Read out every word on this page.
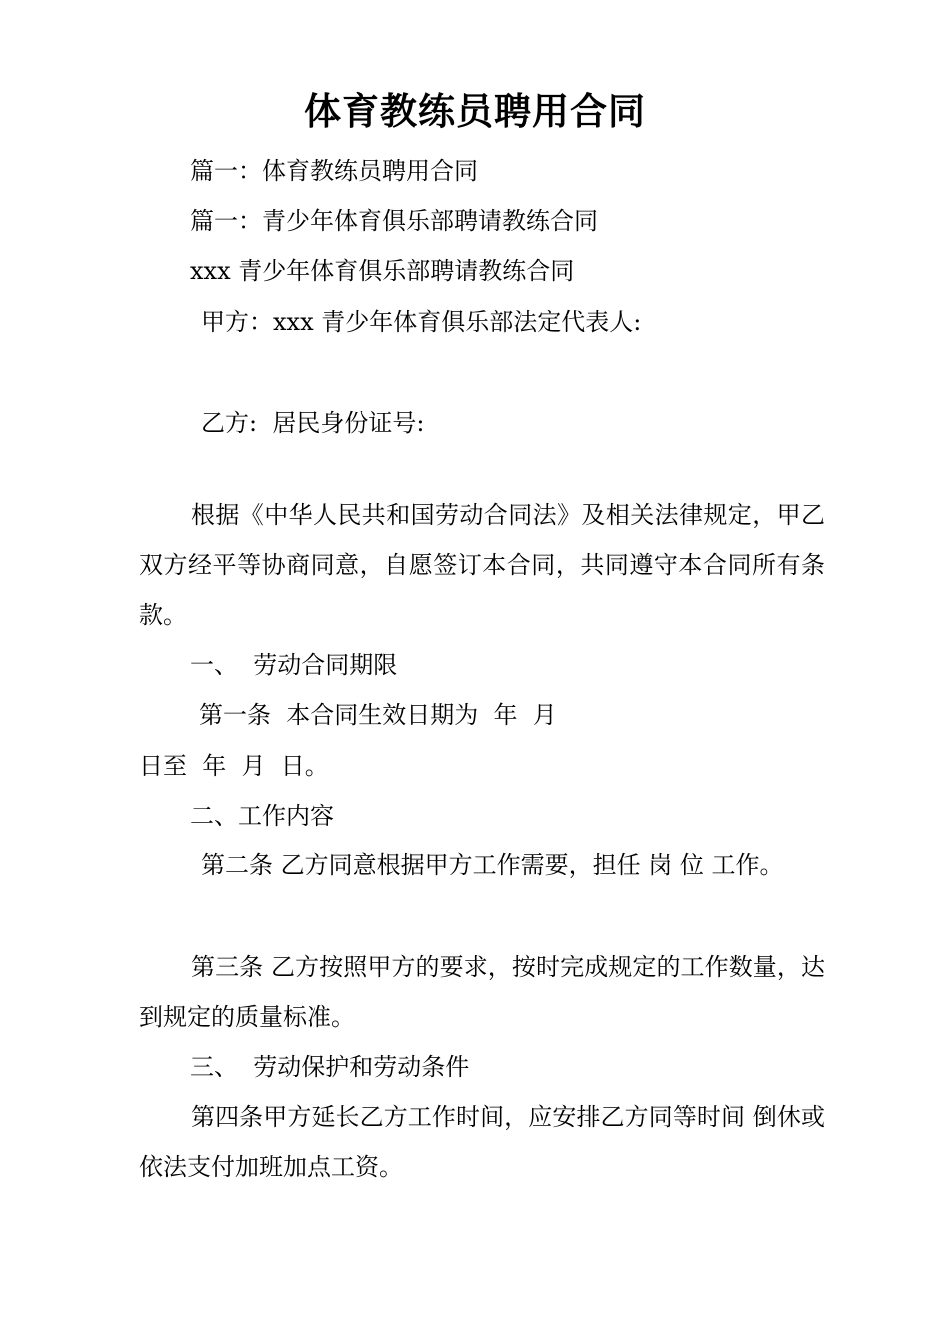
体育教练员聘用合同
篇一：体育教练员聘用合同
篇一：青少年体育俱乐部聘请教练合同
xxx 青少年体育俱乐部聘请教练合同
甲方：xxx 青少年体育俱乐部法定代表人:
乙方:  居民身份证号:
根据《中华人民共和国劳动合同法》及相关法律规定，甲乙双方经平等协商同意，自愿签订本合同，共同遵守本合同所有条款。
一、  劳动合同期限
第一条  本合同生效日期为  年  月
日至  年  月  日。
二、工作内容
第二条 乙方同意根据甲方工作需要，担任 岗 位 工作。
第三条 乙方按照甲方的要求，按时完成规定的工作数量，达到规定的质量标准。
三、  劳动保护和劳动条件
第四条甲方延长乙方工作时间，应安排乙方同等时间 倒休或依法支付加班加点工资。
